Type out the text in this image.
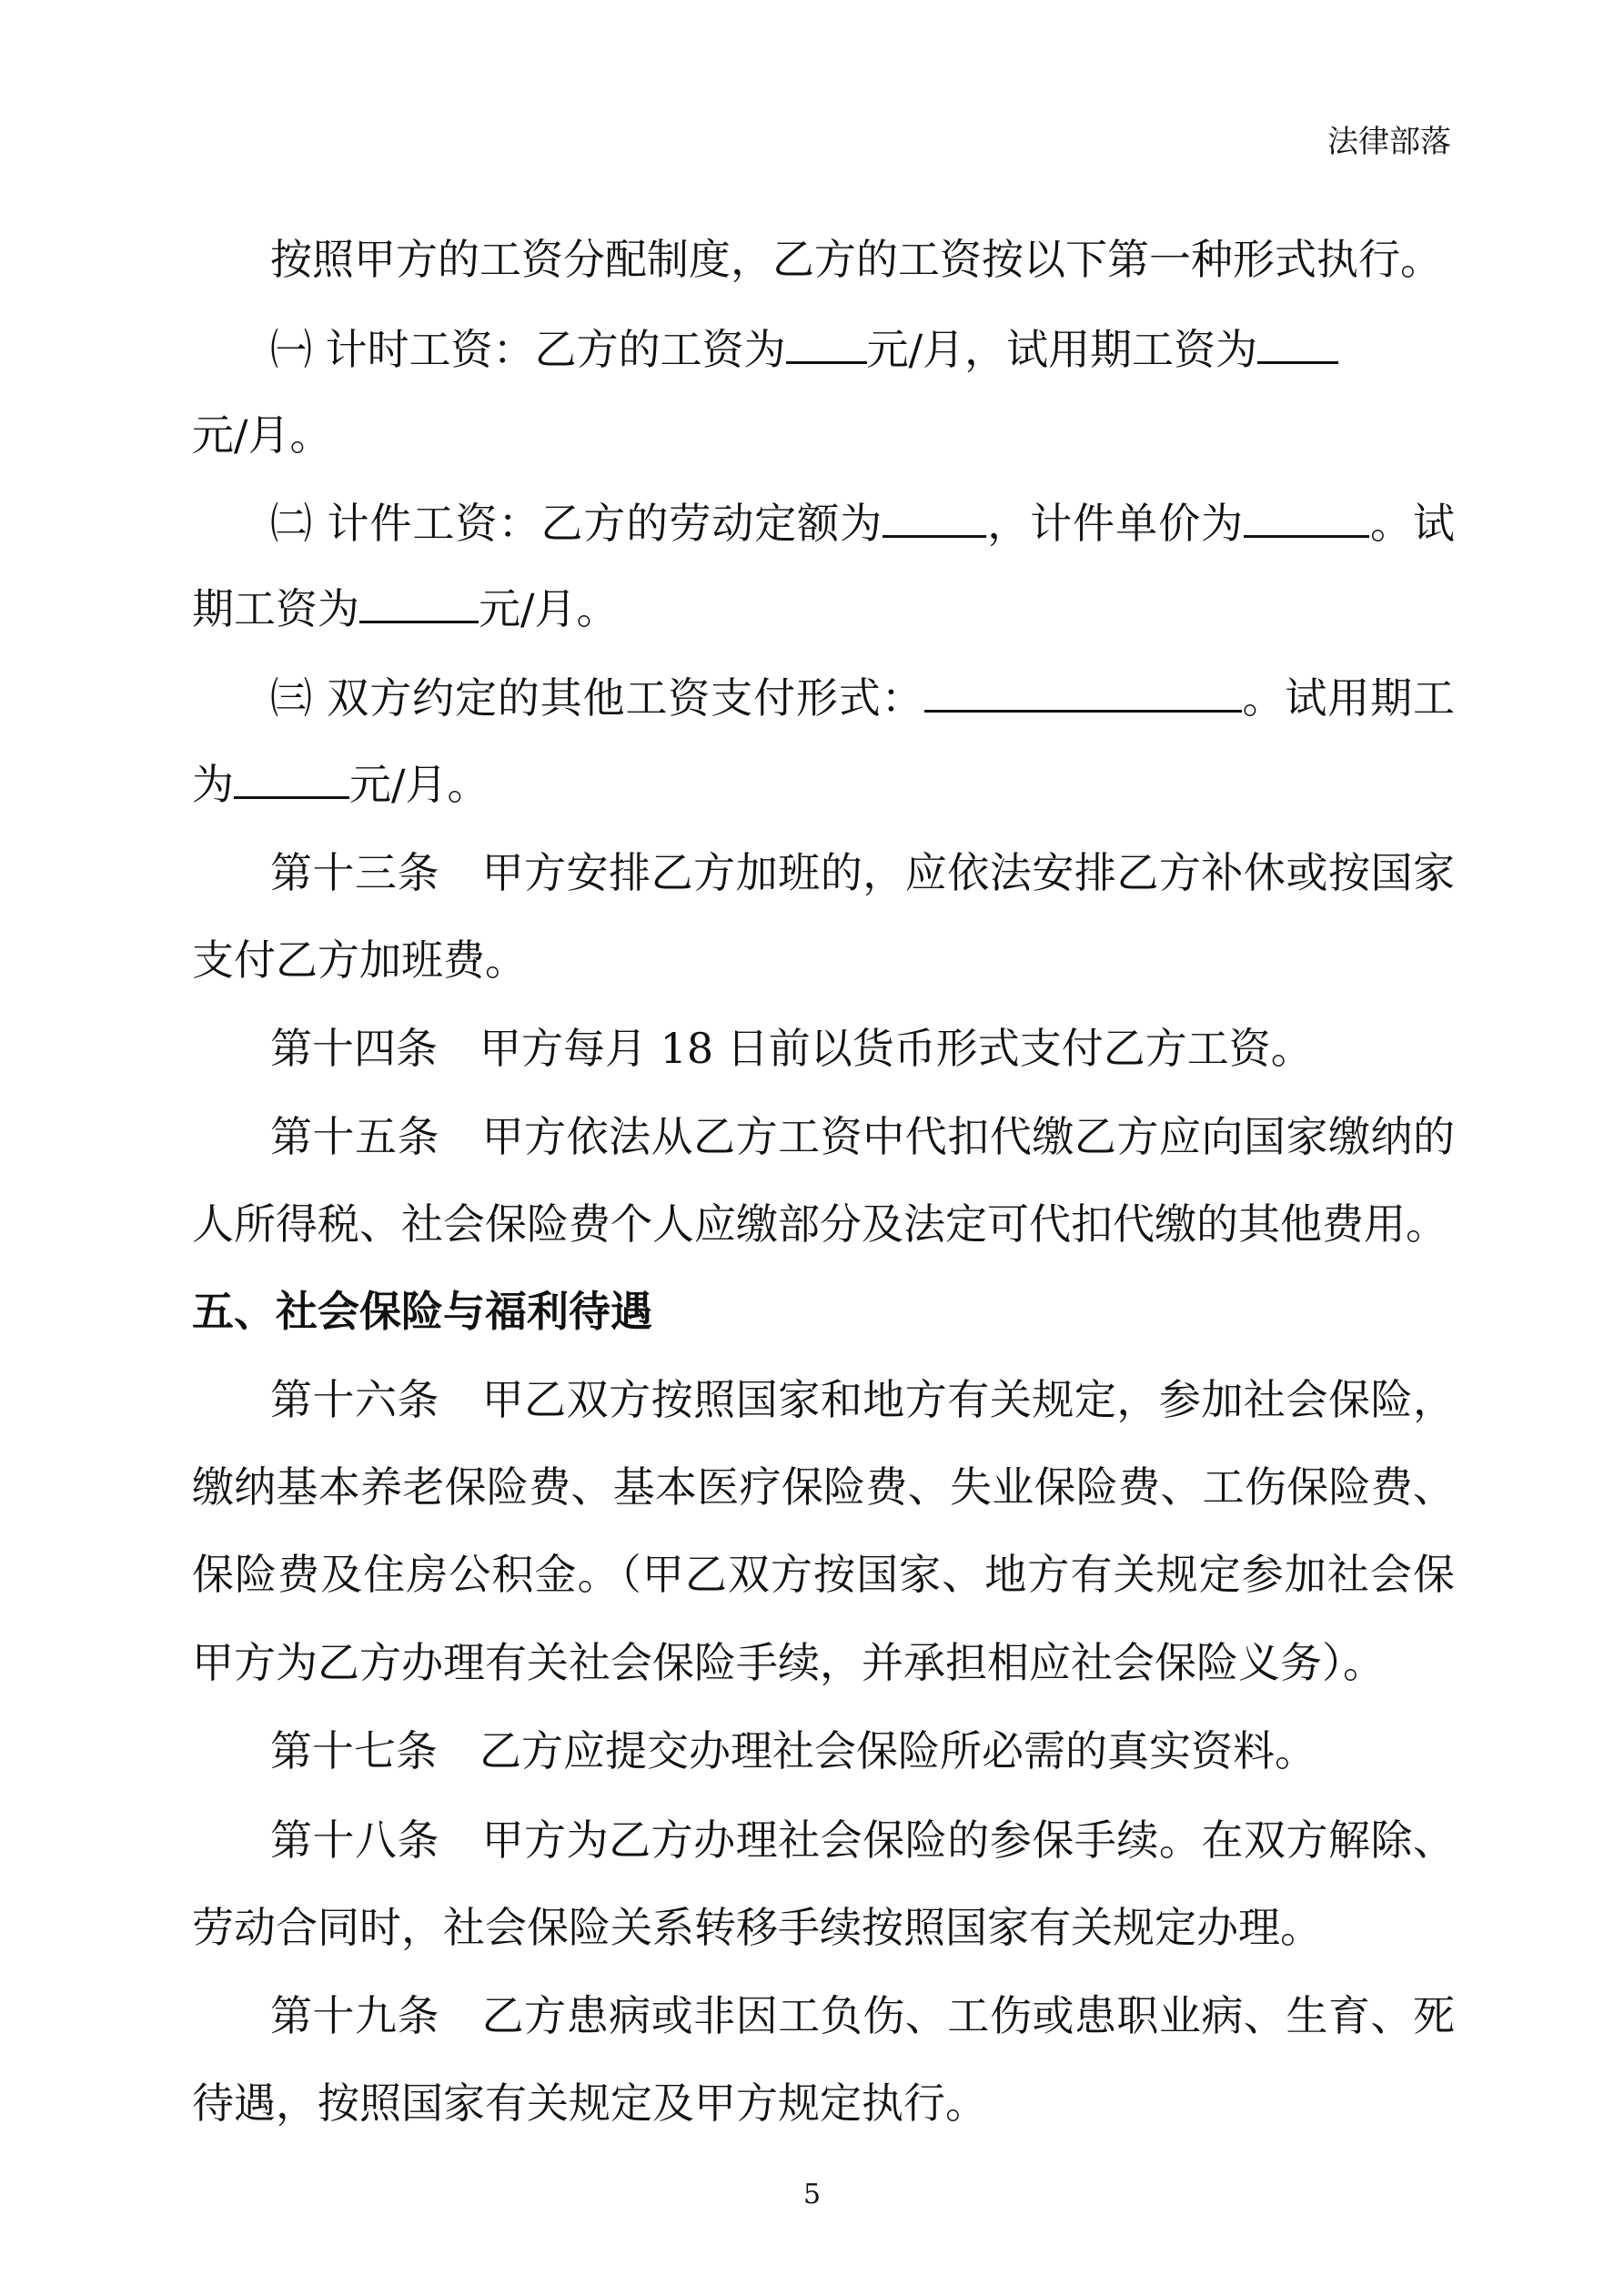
法律部落
按照甲方的工资分配制度，乙方的工资按以下第一种形式执行。
㈠ 计时工资：乙方的工资为 元/月，试用期工资为
元/月。
㈡ 计件工资：乙方的劳动定额为 ，计件单价为	。试
期工资为	元/月。
㈢ 双方约定的其他工资支付形式：	。试用期工
为	元/月。
第十三条　甲方安排乙方加班的，应依法安排乙方补休或按国家
支付乙方加班费。
第十四条　甲方每月 18 日前以货币形式支付乙方工资。
第十五条　甲方依法从乙方工资中代扣代缴乙方应向国家缴纳的
人所得税、社会保险费个人应缴部分及法定可代扣代缴的其他费用。
五、社会保险与福利待遇
第十六条　甲乙双方按照国家和地方有关规定，参加社会保险，
缴纳基本养老保险费、基本医疗保险费、失业保险费、工伤保险费、
保险费及住房公积金。（甲乙双方按国家、地方有关规定参加社会保
甲方为乙方办理有关社会保险手续，并承担相应社会保险义务）。
第十七条　乙方应提交办理社会保险所必需的真实资料。
第十八条　甲方为乙方办理社会保险的参保手续。在双方解除、
劳动合同时，社会保险关系转移手续按照国家有关规定办理。
第十九条　乙方患病或非因工负伤、工伤或患职业病、生育、死
待遇，按照国家有关规定及甲方规定执行。
5
